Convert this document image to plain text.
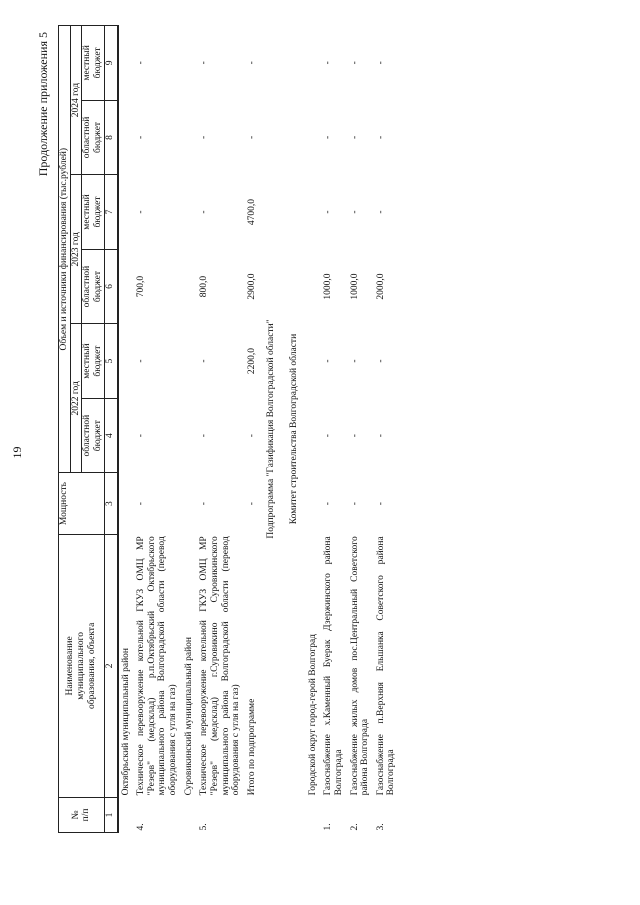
19
Продолжение приложения 5
№
п/п	Наименование
муниципального
образования, объекта	Мощность	Объем и источники финансирования (тыс.рублей)					
			2022 год		2023 год		2024 год	
			областной
бюджет	местный
бюджет	областной
бюджет	местный
бюджет	областной
бюджет	местный
бюджет
1	2	3	4	5	6	7	8	9
	Октябрьский муниципальный район							
4.	Техническое перевооружение котельной ГКУЗ ОМЦ МР "Резерв" (медсклад) р.п.Октябрьский Октябрьского муниципального района Волгоградской области (перевод оборудования с угля на газ)	-	-	-	700,0	-	-	-
	Суровикинский муниципальный район							
5.	Техническое перевооружение котельной ГКУЗ ОМЦ МР "Резерв" (медсклад) г.Суровикино Суровикинского муниципального района Волгоградской области (перевод оборудования с угля на газ)	-	-	-	800,0	-	-	-
	Итого по подпрограмме	-	-	2200,0	2900,0	4700,0	-	-
Подпрограмма "Газификация Волгоградской области"								
Комитет строительства Волгоградской области								
	Городской округ город-герой Волгоград							
1.	Газоснабжение х.Каменный Буерак Дзержинского района Волгограда	-	-	-	1000,0	-	-	-
2.	Газоснабжение жилых домов пос.Центральный Советского района Волгограда	-	-	-	1000,0	-	-	-
3.	Газоснабжение п.Верхняя Ельшанка Советского района Волгограда	-	-	-	2000,0	-	-	-
